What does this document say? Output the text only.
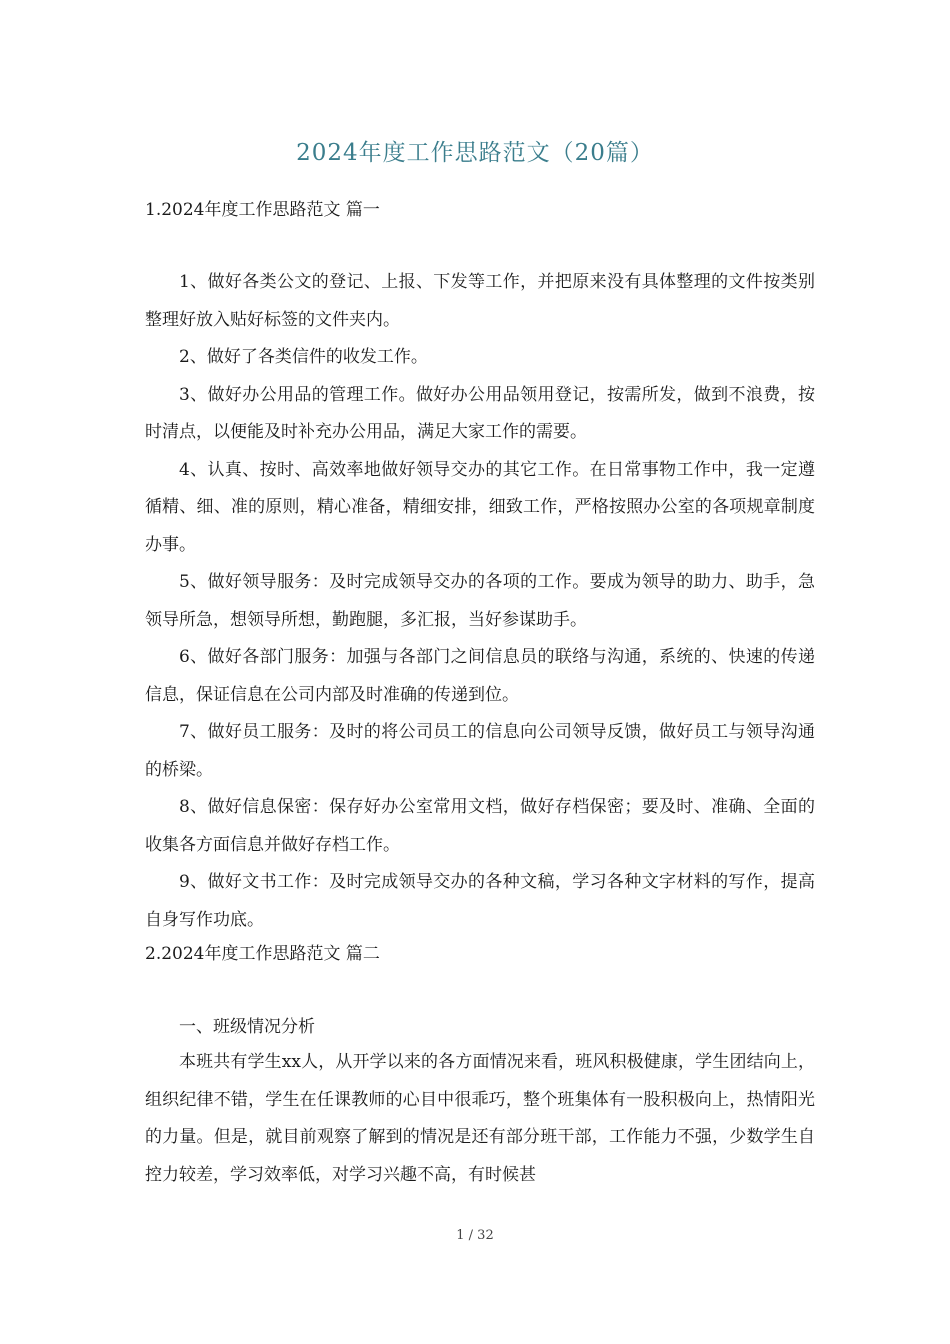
2024年度工作思路范文（20篇）
1.2024年度工作思路范文 篇一
1、做好各类公文的登记、上报、下发等工作，并把原来没有具体整理的文件按类别整理好放入贴好标签的文件夹内。
2、做好了各类信件的收发工作。
3、做好办公用品的管理工作。做好办公用品领用登记，按需所发，做到不浪费，按时清点，以便能及时补充办公用品，满足大家工作的需要。
4、认真、按时、高效率地做好领导交办的其它工作。在日常事物工作中，我一定遵循精、细、准的原则，精心准备，精细安排，细致工作，严格按照办公室的各项规章制度办事。
5、做好领导服务：及时完成领导交办的各项的工作。要成为领导的助力、助手，急领导所急，想领导所想，勤跑腿，多汇报，当好参谋助手。
6、做好各部门服务：加强与各部门之间信息员的联络与沟通，系统的、快速的传递信息，保证信息在公司内部及时准确的传递到位。
7、做好员工服务：及时的将公司员工的信息向公司领导反馈，做好员工与领导沟通的桥梁。
8、做好信息保密：保存好办公室常用文档，做好存档保密；要及时、准确、全面的收集各方面信息并做好存档工作。
9、做好文书工作：及时完成领导交办的各种文稿，学习各种文字材料的写作，提高自身写作功底。
2.2024年度工作思路范文 篇二
一、班级情况分析
本班共有学生xx人，从开学以来的各方面情况来看，班风积极健康，学生团结向上，组织纪律不错，学生在任课教师的心目中很乖巧，整个班集体有一股积极向上，热情阳光的力量。但是，就目前观察了解到的情况是还有部分班干部，工作能力不强，少数学生自控力较差，学习效率低，对学习兴趣不高，有时候甚
1 / 32
